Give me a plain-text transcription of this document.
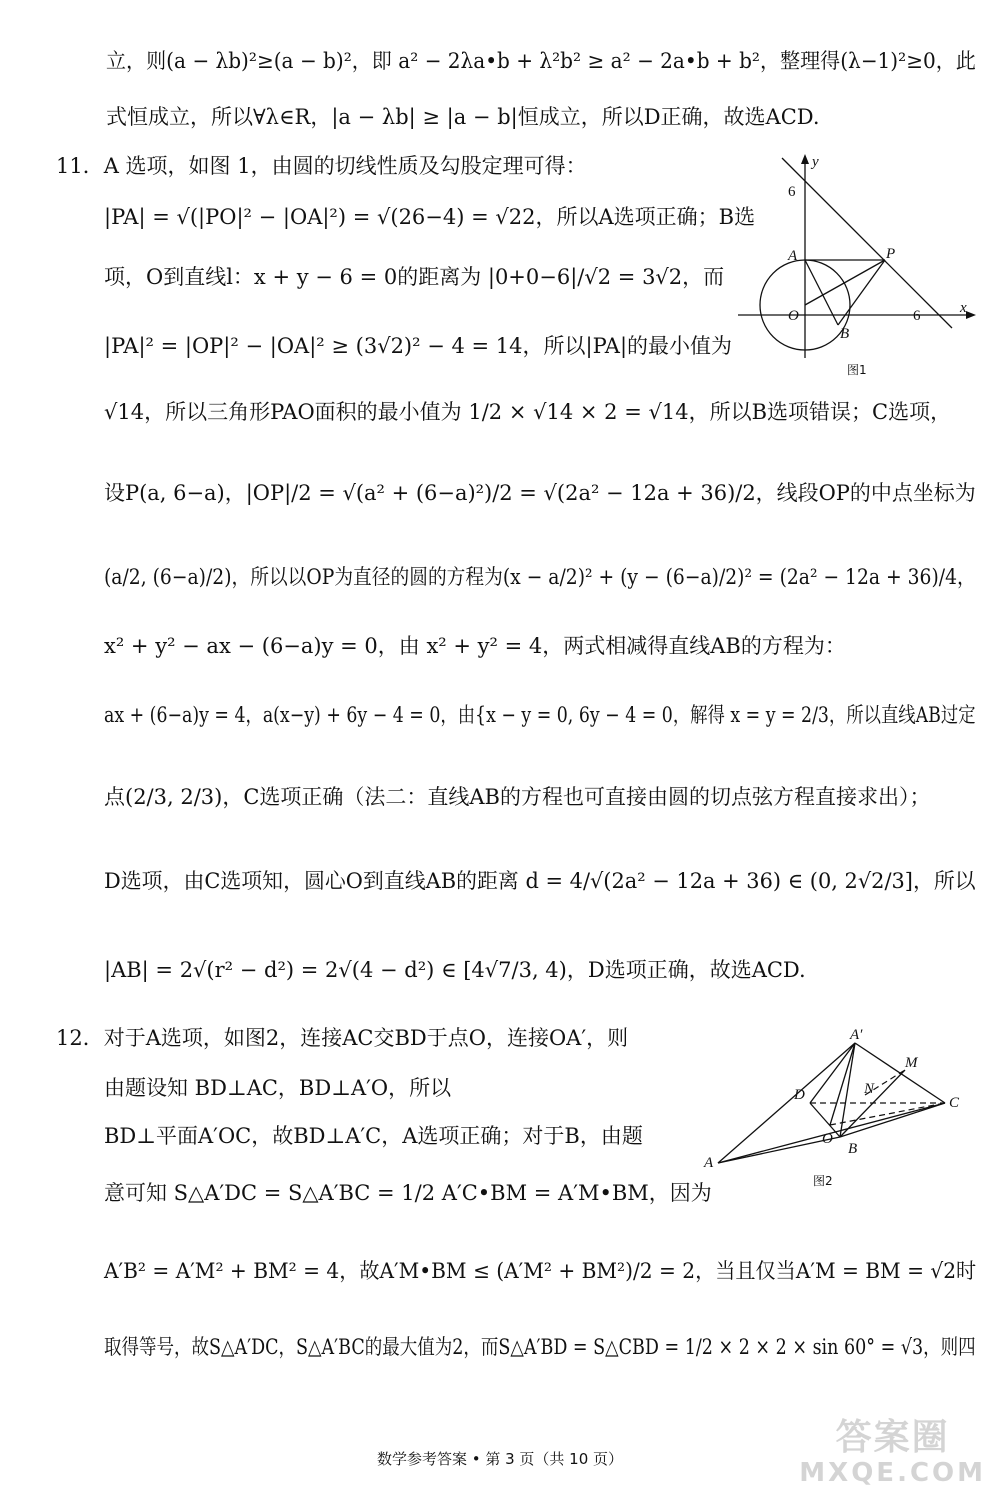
立，则(a − λb)²≥(a − b)²，即 a² − 2λa•b + λ²b² ≥ a² − 2a•b + b²，整理得(λ−1)²≥0，此
式恒成立，所以∀λ∈R，|a − λb| ≥ |a − b|恒成立，所以D正确，故选ACD.
11．A 选项，如图 1，由圆的切线性质及勾股定理可得：
|PA| = √(|PO|² − |OA|²) = √(26−4) = √22，所以A选项正确；B选
项，O到直线l：x + y − 6 = 0的距离为 |0+0−6|/√2 = 3√2，而
|PA|² = |OP|² − |OA|² ≥ (3√2)² − 4 = 14，所以|PA|的最小值为
√14，所以三角形PAO面积的最小值为 1/2 × √14 × 2 = √14，所以B选项错误；C选项，
设P(a, 6−a)，|OP|/2 = √(a² + (6−a)²)/2 = √(2a² − 12a + 36)/2，线段OP的中点坐标为
(a/2, (6−a)/2)，所以以OP为直径的圆的方程为(x − a/2)² + (y − (6−a)/2)² = (2a² − 12a + 36)/4，
x² + y² − ax − (6−a)y = 0，由 x² + y² = 4，两式相减得直线AB的方程为：
ax + (6−a)y = 4，a(x−y) + 6y − 4 = 0，由{x − y = 0, 6y − 4 = 0，解得 x = y = 2/3，所以直线AB过定
点(2/3, 2/3)，C选项正确（法二：直线AB的方程也可直接由圆的切点弦方程直接求出）；
D选项，由C选项知，圆心O到直线AB的距离 d = 4/√(2a² − 12a + 36) ∈ (0, 2√2/3]，所以
|AB| = 2√(r² − d²) = 2√(4 − d²) ∈ [4√7/3, 4)，D选项正确，故选ACD.
12．对于A选项，如图2，连接AC交BD于点O，连接OA′，则
由题设知 BD⊥AC，BD⊥A′O，所以
BD⊥平面A′OC，故BD⊥A′C，A选项正确；对于B，由题
意可知 S△A′DC = S△A′BC = 1/2 A′C•BM = A′M•BM，因为
A′B² = A′M² + BM² = 4，故A′M•BM ≤ (A′M² + BM²)/2 = 2，当且仅当A′M = BM = √2时
取得等号，故S△A′DC，S△A′BC的最大值为2，而S△A′BD = S△CBD = 1/2 × 2 × 2 × sin 60° = √3，则四
y
x
6
6
A	P
O
B
图1
A′
M
D	N
C
O
A
B
图2
数学参考答案 • 第 3 页（共 10 页）
答案圈
MXQE.COM
